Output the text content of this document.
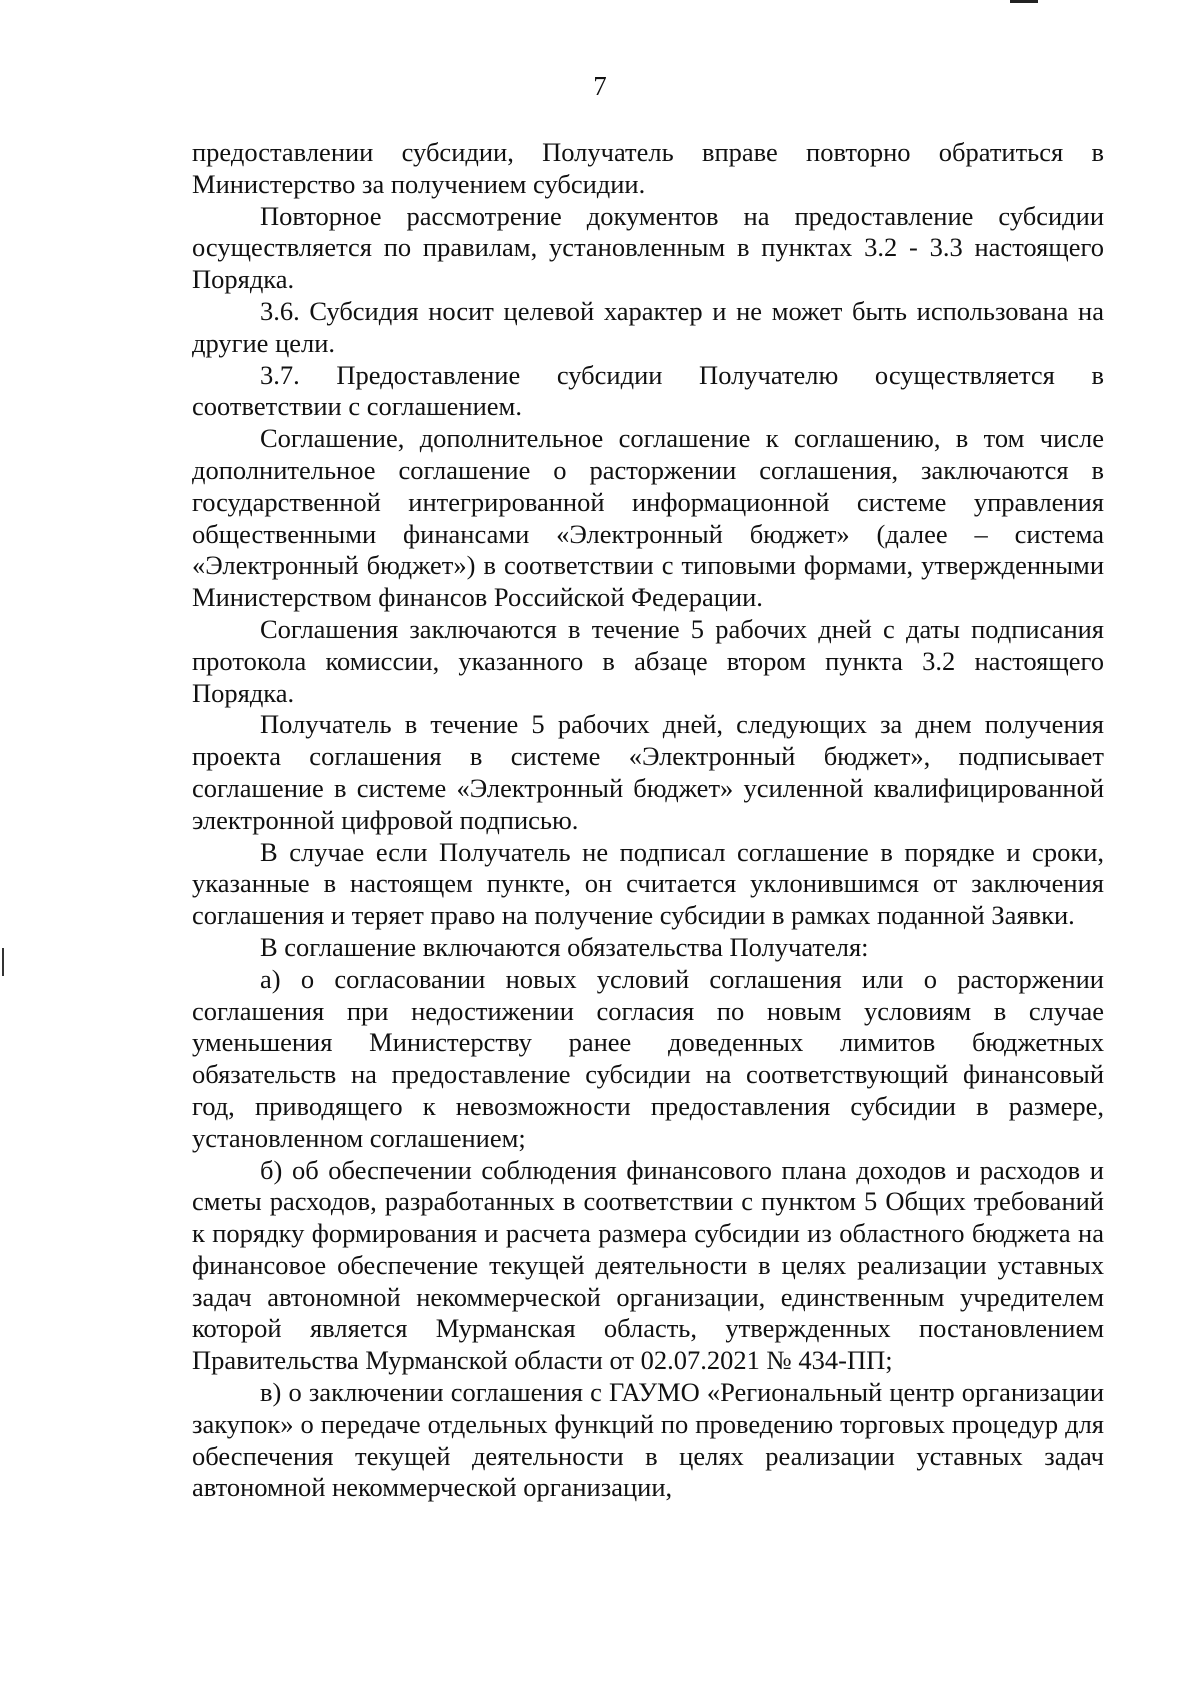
7

предоставлении субсидии, Получатель вправе повторно обратиться в Министерство за получением субсидии.

Повторное рассмотрение документов на предоставление субсидии осуществляется по правилам, установленным в пунктах 3.2 - 3.3 настоящего Порядка.

3.6. Субсидия носит целевой характер и не может быть использована на другие цели.

3.7. Предоставление субсидии Получателю осуществляется в соответствии с соглашением.

Соглашение, дополнительное соглашение к соглашению, в том числе дополнительное соглашение о расторжении соглашения, заключаются в государственной интегрированной информационной системе управления общественными финансами «Электронный бюджет» (далее – система «Электронный бюджет») в соответствии с типовыми формами, утвержденными Министерством финансов Российской Федерации.

Соглашения заключаются в течение 5 рабочих дней с даты подписания протокола комиссии, указанного в абзаце втором пункта 3.2 настоящего Порядка.

Получатель в течение 5 рабочих дней, следующих за днем получения проекта соглашения в системе «Электронный бюджет», подписывает соглашение в системе «Электронный бюджет» усиленной квалифицированной электронной цифровой подписью.

В случае если Получатель не подписал соглашение в порядке и сроки, указанные в настоящем пункте, он считается уклонившимся от заключения соглашения и теряет право на получение субсидии в рамках поданной Заявки.

В соглашение включаются обязательства Получателя:

а) о согласовании новых условий соглашения или о расторжении соглашения при недостижении согласия по новым условиям в случае уменьшения Министерству ранее доведенных лимитов бюджетных обязательств на предоставление субсидии на соответствующий финансовый год, приводящего к невозможности предоставления субсидии в размере, установленном соглашением;

б) об обеспечении соблюдения финансового плана доходов и расходов и сметы расходов, разработанных в соответствии с пунктом 5 Общих требований к порядку формирования и расчета размера субсидии из областного бюджета на финансовое обеспечение текущей деятельности в целях реализации уставных задач автономной некоммерческой организации, единственным учредителем которой является Мурманская область, утвержденных постановлением Правительства Мурманской области от 02.07.2021 № 434-ПП;

в) о заключении соглашения с ГАУМО «Региональный центр организации закупок» о передаче отдельных функций по проведению торговых процедур для обеспечения текущей деятельности в целях реализации уставных задач автономной некоммерческой организации,
